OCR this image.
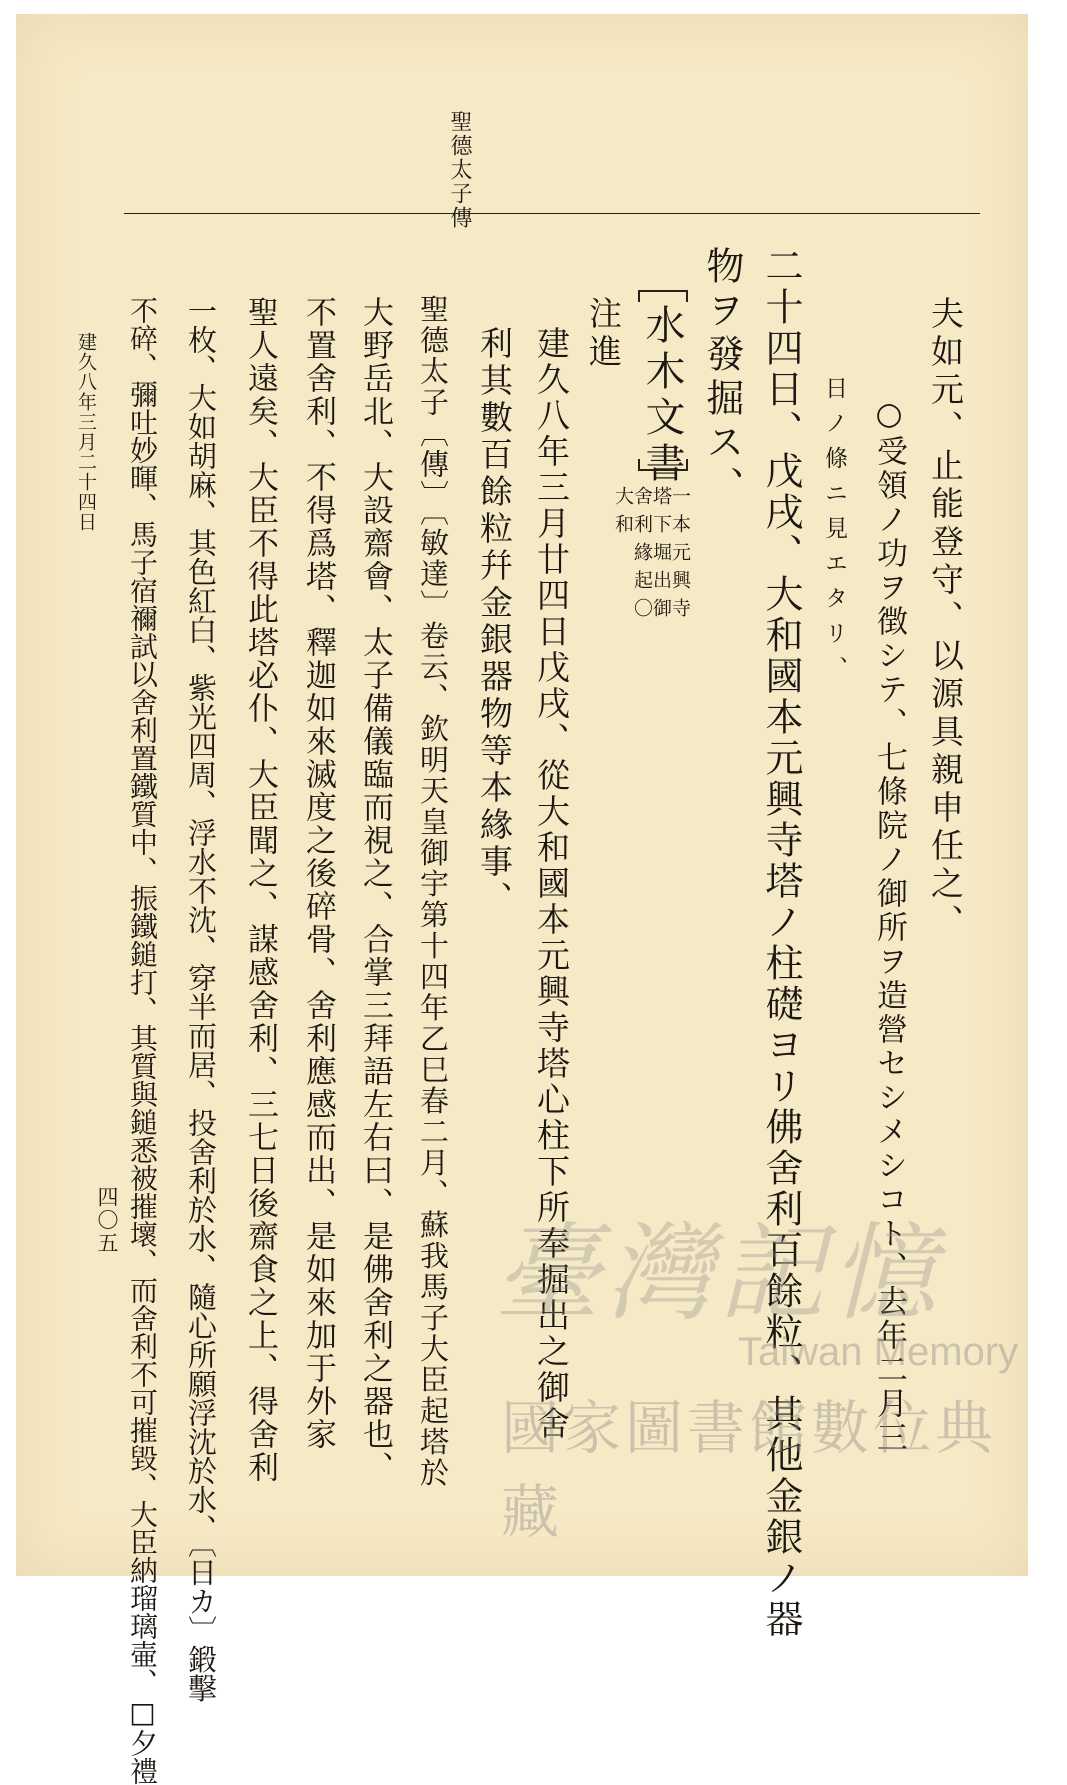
聖德太子傳
夫如元、止能登守、以源具親申任之、
○受領ノ功ヲ徴シテ、七條院ノ御所ヲ造營セシメシコト、去年二月三
日ノ條ニ見エタリ、
二十四日、戊戌、大和國本元興寺塔ノ柱礎ヨリ佛舍利百餘粒、其他金銀ノ器
物ヲ發掘ス、
水木文書
一本元興寺塔下堀出御舍利緣起〇大和
注進
建久八年三月廿四日戊戌、從大和國本元興寺塔心柱下所奉掘出之御舍
利其數百餘粒幷金銀器物等本緣事、
聖德太子〔傳〕〔敏達〕卷云、欽明天皇御宇第十四年乙巳春二月、蘇我馬子大臣起塔於
大野岳北、大設齋會、太子備儀臨而視之、合掌三拜語左右曰、是佛舍利之器也、
不置舍利、不得爲塔、釋迦如來滅度之後碎骨、舍利應感而出、是如來加于外家
聖人遠矣、大臣不得此塔必仆、大臣聞之、謀感舍利、三七日後齋食之上、得舍利
一枚、大如胡麻、其色紅白、紫光四周、浮水不沈、穿半而居、投舍利於水、隨心所願浮沈於水、〔日カ〕鍛擊
不碎、彌吐妙暉、馬子宿禰試以舍利置鐵質中、振鐵鎚打、其質與鎚悉被摧壞、而舍利不可摧毀、大臣納瑠璃壷、□夕禮
建久八年三月二十四日
四〇五	臺灣記憶
Taiwan Memory
國家圖書館數位典藏
